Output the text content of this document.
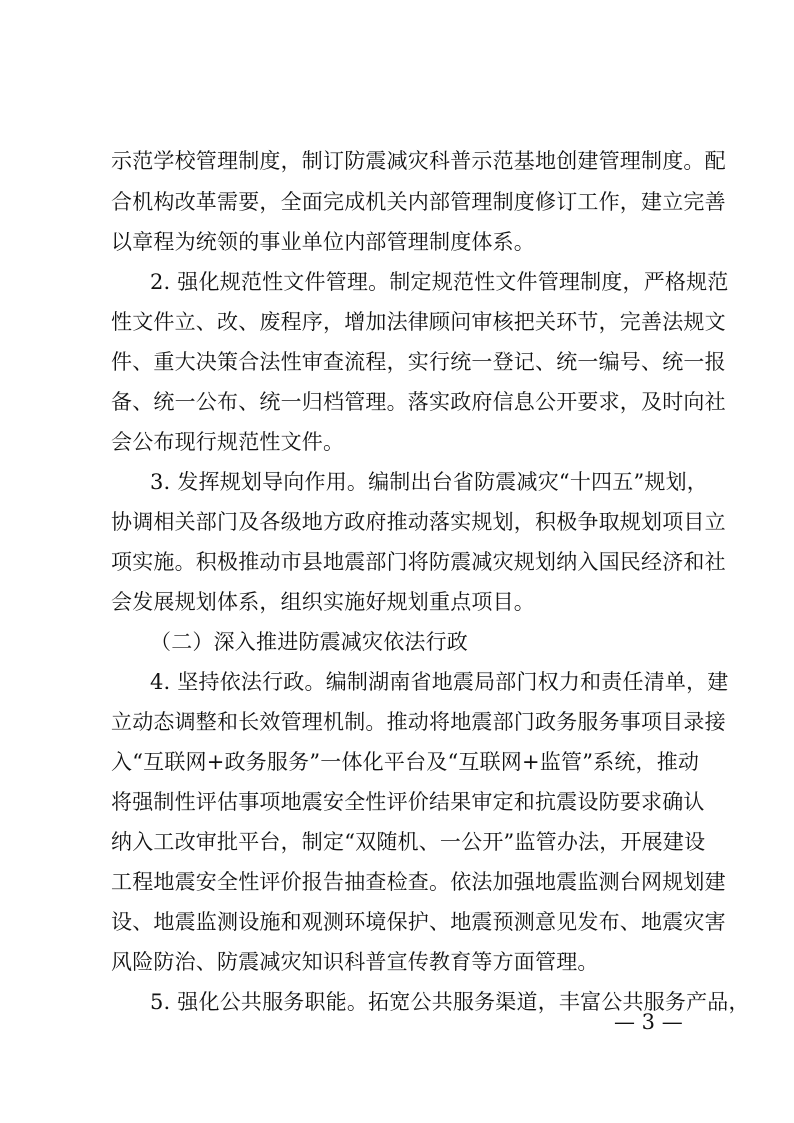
示范学校管理制度，制订防震减灾科普示范基地创建管理制度。配
合机构改革需要，全面完成机关内部管理制度修订工作，建立完善
以章程为统领的事业单位内部管理制度体系。
2. 强化规范性文件管理。制定规范性文件管理制度，严格规范
性文件立、改、废程序，增加法律顾问审核把关环节，完善法规文
件、重大决策合法性审查流程，实行统一登记、统一编号、统一报
备、统一公布、统一归档管理。落实政府信息公开要求，及时向社
会公布现行规范性文件。
3. 发挥规划导向作用。编制出台省防震减灾“十四五”规划，
协调相关部门及各级地方政府推动落实规划，积极争取规划项目立
项实施。积极推动市县地震部门将防震减灾规划纳入国民经济和社
会发展规划体系，组织实施好规划重点项目。
（二）深入推进防震减灾依法行政
4. 坚持依法行政。编制湖南省地震局部门权力和责任清单，建
立动态调整和长效管理机制。推动将地震部门政务服务事项目录接
入“互联网+政务服务”一体化平台及“互联网+监管”系统，推动
将强制性评估事项地震安全性评价结果审定和抗震设防要求确认
纳入工改审批平台，制定“双随机、一公开”监管办法，开展建设
工程地震安全性评价报告抽查检查。依法加强地震监测台网规划建
设、地震监测设施和观测环境保护、地震预测意见发布、地震灾害
风险防治、防震减灾知识科普宣传教育等方面管理。
5. 强化公共服务职能。拓宽公共服务渠道，丰富公共服务产品，
— 3 —
